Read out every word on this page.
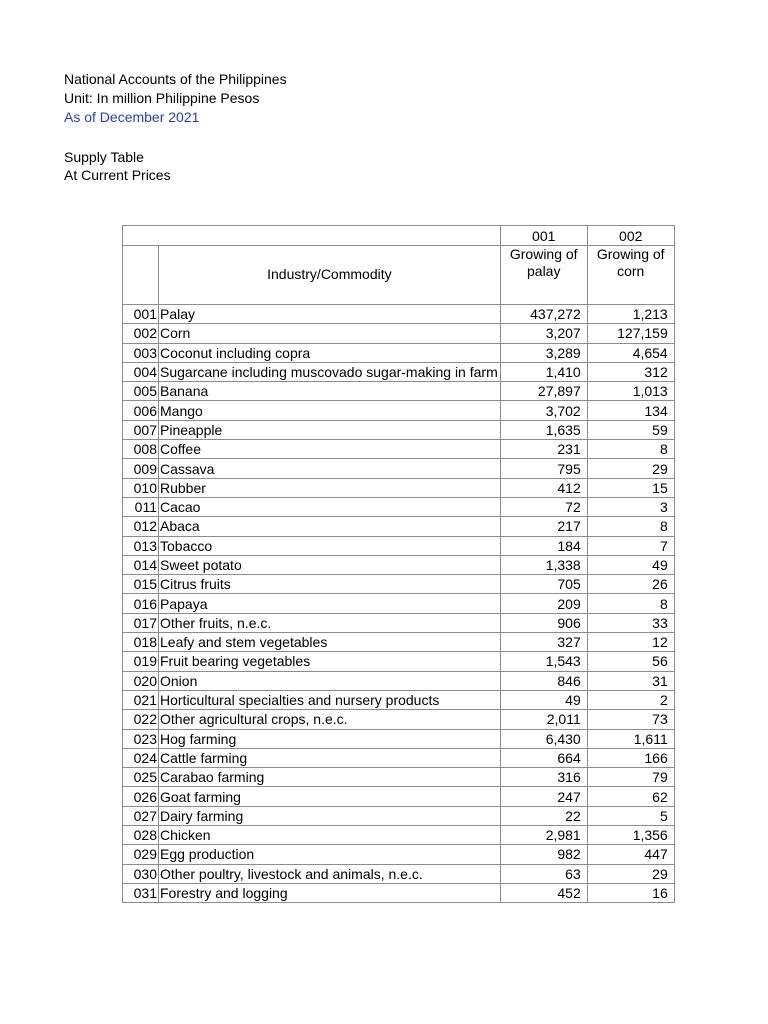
National Accounts of the Philippines
Unit: In million Philippine Pesos
As of December 2021
Supply Table
At Current Prices
		001	002
	Industry/Commodity	Growing of palay	Growing of corn
001	Palay	437,272	1,213
002	Corn	3,207	127,159
003	Coconut including copra	3,289	4,654
004	Sugarcane including muscovado sugar-making in farm	1,410	312
005	Banana	27,897	1,013
006	Mango	3,702	134
007	Pineapple	1,635	59
008	Coffee	231	8
009	Cassava	795	29
010	Rubber	412	15
011	Cacao	72	3
012	Abaca	217	8
013	Tobacco	184	7
014	Sweet potato	1,338	49
015	Citrus fruits	705	26
016	Papaya	209	8
017	Other fruits, n.e.c.	906	33
018	Leafy and stem vegetables	327	12
019	Fruit bearing vegetables	1,543	56
020	Onion	846	31
021	Horticultural specialties and nursery products	49	2
022	Other agricultural crops, n.e.c.	2,011	73
023	Hog farming	6,430	1,611
024	Cattle farming	664	166
025	Carabao farming	316	79
026	Goat farming	247	62
027	Dairy farming	22	5
028	Chicken	2,981	1,356
029	Egg production	982	447
030	Other poultry, livestock and animals, n.e.c.	63	29
031	Forestry and logging	452	16
